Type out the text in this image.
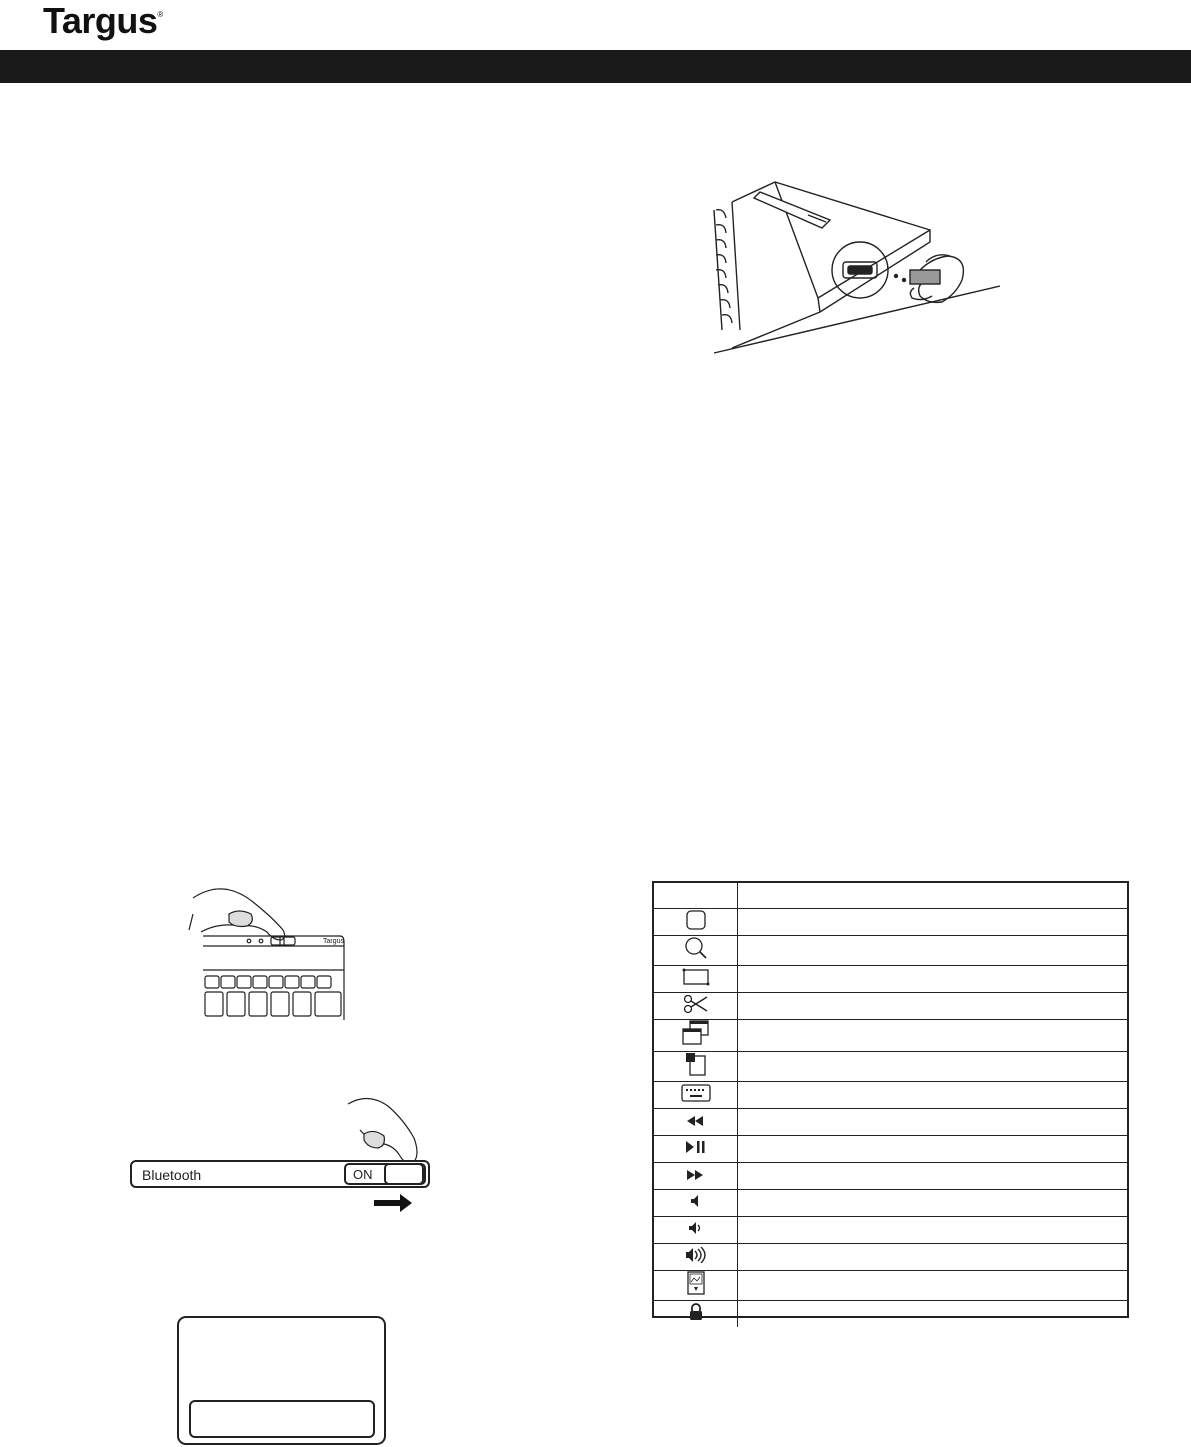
Targus®
Targus
Bluetooth	ON
